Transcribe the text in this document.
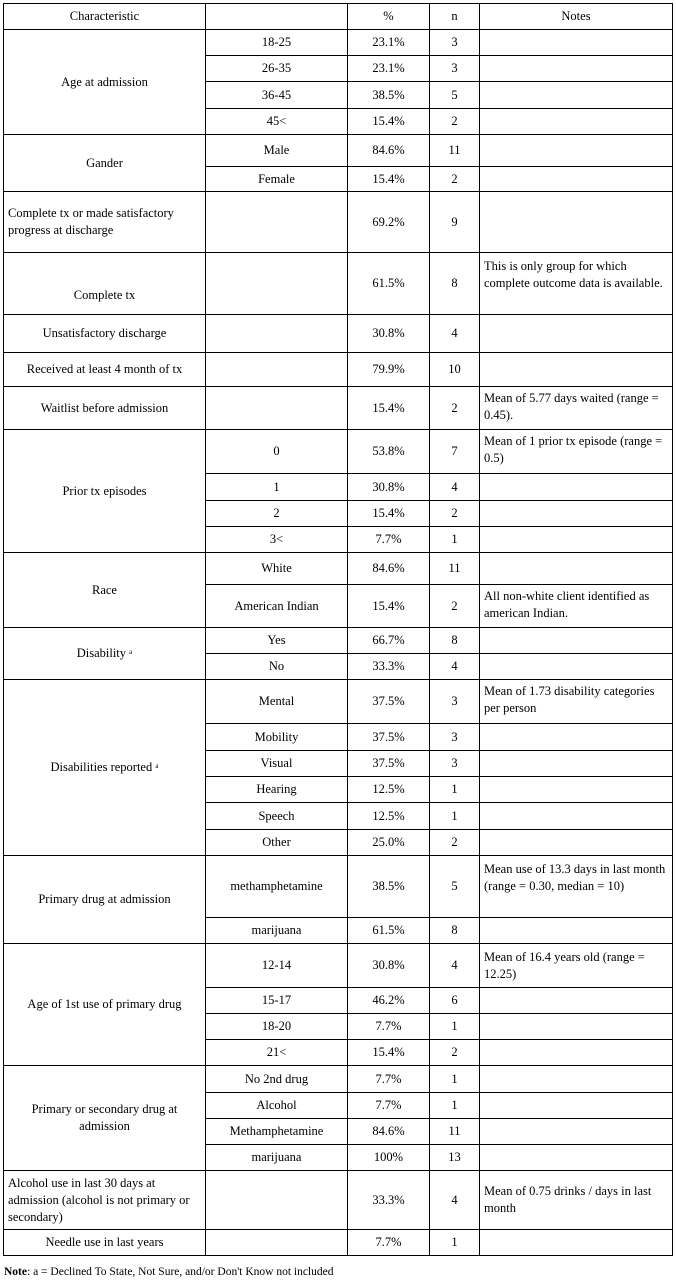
Characteristic		%	n	Notes
Age at admission	18-25	23.1%	3	
	26-35	23.1%	3	
	36-45	38.5%	5	
	45<	15.4%	2	
Gander	Male	84.6%	11	
	Female	15.4%	2	
Complete tx or made satisfactory progress at discharge		69.2%	9	
Complete tx		61.5%	8	This is only group for which complete outcome data is available.
Unsatisfactory discharge		30.8%	4	
Received at least 4 month of tx		79.9%	10	
Waitlist before admission		15.4%	2	Mean of 5.77 days waited (range = 0.45).
Prior tx episodes	0	53.8%	7	Mean of 1 prior tx episode (range = 0.5)
	1	30.8%	4	
	2	15.4%	2	
	3<	7.7%	1	
Race	White	84.6%	11	
	American Indian	15.4%	2	All non-white client identified as american Indian.
Disability $^a$	Yes	66.7%	8	
	No	33.3%	4	
Disabilities reported $^a$	Mental	37.5%	3	Mean of 1.73 disability categories per person
	Mobility	37.5%	3	
	Visual	37.5%	3	
	Hearing	12.5%	1	
	Speech	12.5%	1	
	Other	25.0%	2	
Primary drug at admission	methamphetamine	38.5%	5	Mean use of 13.3 days in last month (range = 0.30, median = 10)
	marijuana	61.5%	8	
Age of 1st use of primary drug	12-14	30.8%	4	Mean of 16.4 years old (range = 12.25)
	15-17	46.2%	6	
	18-20	7.7%	1	
	21<	15.4%	2	
Primary or secondary drug at admission	No 2nd drug	7.7%	1	
	Alcohol	7.7%	1	
	Methamphetamine	84.6%	11	
	marijuana	100%	13	
Alcohol use in last 30 days at admission (alcohol is not primary or secondary)		33.3%	4	Mean of 0.75 drinks / days in last month
Needle use in last years		7.7%	1	
Note: a = Declined To State, Not Sure, and/or Don't Know not included
